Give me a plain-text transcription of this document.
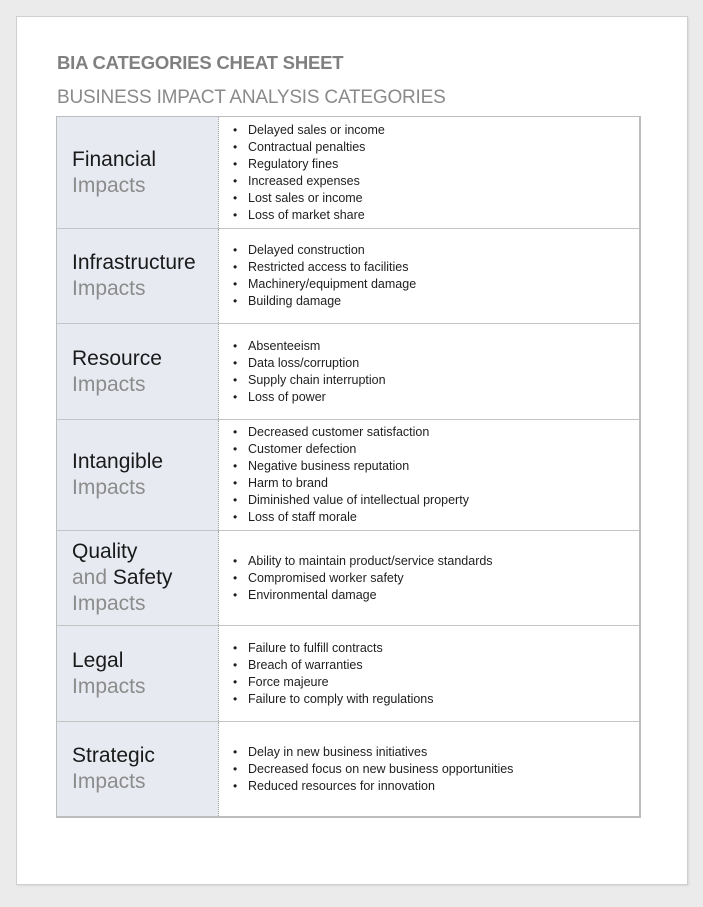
BIA CATEGORIES CHEAT SHEET
BUSINESS IMPACT ANALYSIS CATEGORIES
Financial
Impacts
• Delayed sales or income
• Contractual penalties
• Regulatory fines
• Increased expenses
• Lost sales or income
• Loss of market share
Infrastructure
Impacts
• Delayed construction
• Restricted access to facilities
• Machinery/equipment damage
• Building damage
Resource
Impacts
• Absenteeism
• Data loss/corruption
• Supply chain interruption
• Loss of power
Intangible
Impacts
• Decreased customer satisfaction
• Customer defection
• Negative business reputation
• Harm to brand
• Diminished value of intellectual property
• Loss of staff morale
Quality
and Safety
Impacts
• Ability to maintain product/service standards
• Compromised worker safety
• Environmental damage
Legal
Impacts
• Failure to fulfill contracts
• Breach of warranties
• Force majeure
• Failure to comply with regulations
Strategic
Impacts
• Delay in new business initiatives
• Decreased focus on new business opportunities
• Reduced resources for innovation
